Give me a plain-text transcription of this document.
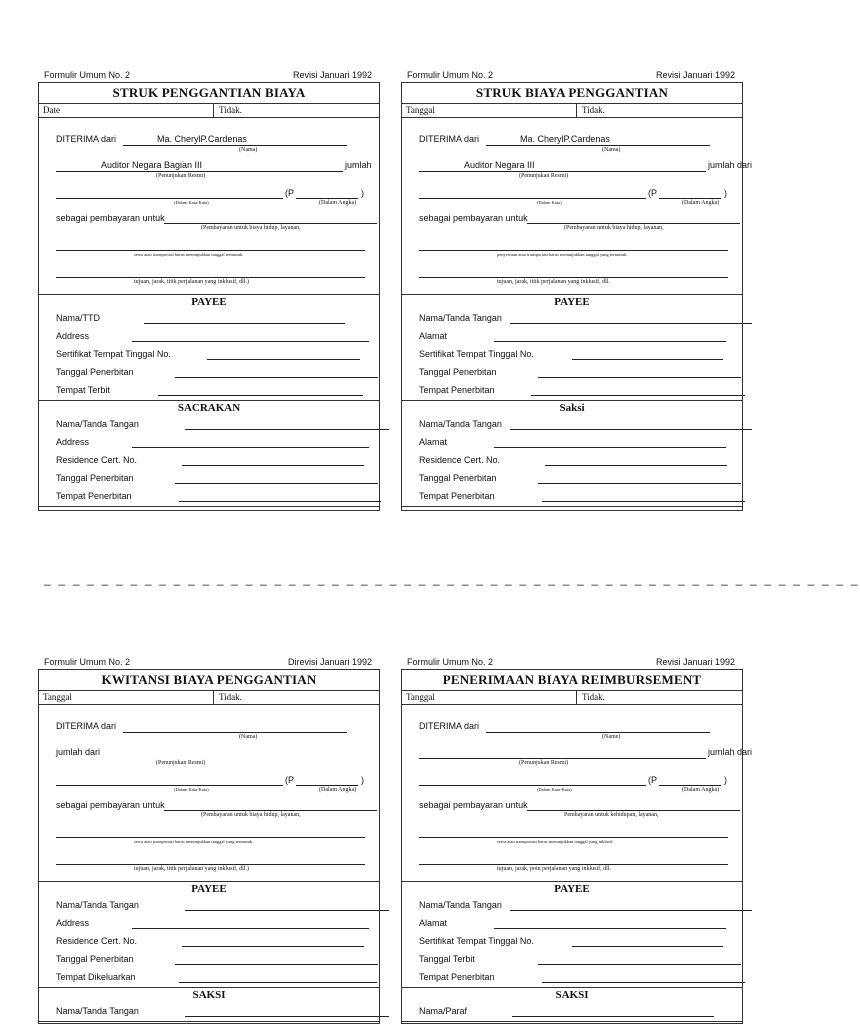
Formulir Umum No. 2	Revisi Januari 1992
STRUK PENGGANTIAN BIAYA
Date	Tidak.
DITERIMA dari	Ma. CherylP.Cardenas
(Nama)
Auditor Negara Bagian III	jumlah
(Penunjukan Resmi)
(P	)
(Dalam Kata-Kata)	(Dalam Angka)
sebagai pembayaran untuk
(Pembayaran untuk biaya hidup, layanan,
sewa atau transportasi harus menunjukkan tanggal termasuk.
tujuan, jarak, titik perjalanan yang inklusif, dll.)
PAYEE
Nama/TTD
Address
Sertifikat Tempat Tinggal No.
Tanggal Penerbitan
Tempat Terbit
SACRAKAN
Nama/Tanda Tangan
Address
Residence Cert. No.
Tanggal Penerbitan
Tempat Penerbitan
Formulir Umum No. 2	Revisi Januari 1992
STRUK BIAYA PENGGANTIAN
Tanggal	Tidak.
DITERIMA dari	Ma. CherylP.Cardenas
(Nama)
Auditor Negara III	jumlah dari
(Penunjukan Resmi)
(P	)
(Dalam Kata)	(Dalam Angka)
sebagai pembayaran untuk
(Pembayaran untuk biaya hidup, layanan,
penyewaan atau transportasi harus menunjukkan tanggal yang termasuk.
tujuan, jarak, titik perjalanan yang inklusif, dll.
PAYEE
Nama/Tanda Tangan
Alamat
Sertifikat Tempat Tinggal No.
Tanggal Penerbitan
Tempat Penerbitan
Saksi
Nama/Tanda Tangan
Alamat
Residence Cert. No.
Tanggal Penerbitan
Tempat Penerbitan
Formulir Umum No. 2	Direvisi Januari 1992
KWITANSI BIAYA PENGGANTIAN
Tanggal	Tidak.
DITERIMA dari
(Nama)
jumlah dari
(Penunjukan Resmi)
(P	)
(Dalam Kata-Kata)	(Dalam Angka)
sebagai pembayaran untuk
(Pembayaran untuk biaya hidup, layanan,
sewa atau transportasi harus menunjukkan tanggal yang termasuk.
tujuan, jarak, titik perjalanan yang inklusif, dll.)
PAYEE
Nama/Tanda Tangan
Address
Residence Cert. No.
Tanggal Penerbitan
Tempat Dikeluarkan
SAKSI
Nama/Tanda Tangan
Formulir Umum No. 2	Revisi Januari 1992
PENERIMAAN BIAYA REIMBURSEMENT
Tanggal	Tidak.
DITERIMA dari
(Name)
jumlah dari
(Penunjukan Resmi)
(P	)
(Dalam Kata-Kata)	(Dalam Angka)
sebagai pembayaran untuk
Pembayaran untuk kehidupan, layanan,
sewa atau transportasi harus menunjukkan tanggal yang inklusif.
tujuan, jarak, poin perjalanan yang inklusif, dll.
PAYEE
Nama/Tanda Tangan
Alamat
Sertifikat Tempat Tinggal No.
Tanggal Terbit
Tempat Penerbitan
SAKSI
Nama/Paraf
_ _ _ _ _ _ _ _ _ _ _ _ _ _ _ _ _ _ _ _ _ _ _ _ _ _ _ _ _ _ _ _ _ _ _ _ _ _ _ _ _ _ _ _ _ _ _ _ _ _ _ _ _ _ _ _ _
